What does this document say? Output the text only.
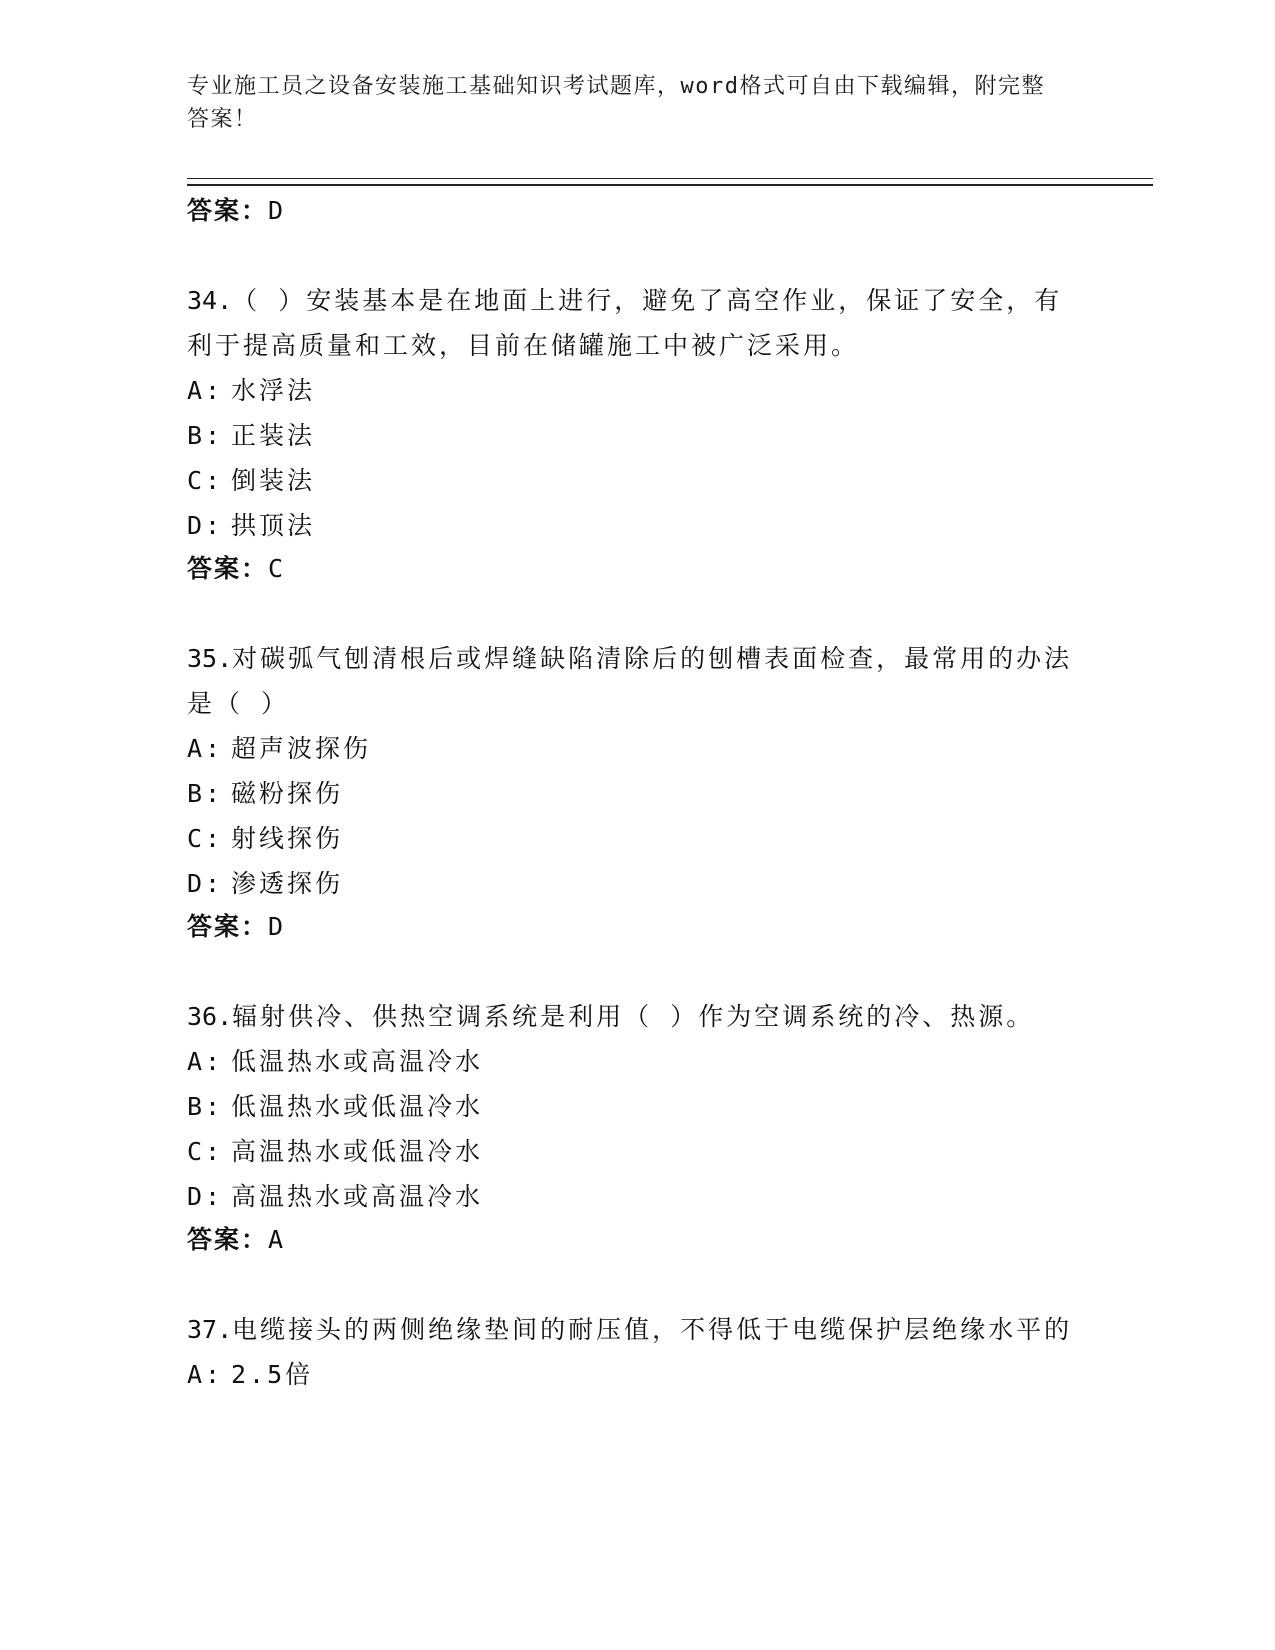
专业施工员之设备安装施工基础知识考试题库，word格式可自由下载编辑，附完整答案！
答案：D
34.（ ）安装基本是在地面上进行，避免了高空作业，保证了安全，有利于提高质量和工效，目前在储罐施工中被广泛采用。
A: 水浮法
B: 正装法
C: 倒装法
D: 拱顶法
答案：C
35.对碳弧气刨清根后或焊缝缺陷清除后的刨槽表面检查，最常用的办法是（ ）
A: 超声波探伤
B: 磁粉探伤
C: 射线探伤
D: 渗透探伤
答案：D
36.辐射供冷、供热空调系统是利用（ ）作为空调系统的冷、热源。
A: 低温热水或高温冷水
B: 低温热水或低温冷水
C: 高温热水或低温冷水
D: 高温热水或高温冷水
答案：A
37.电缆接头的两侧绝缘垫间的耐压值，不得低于电缆保护层绝缘水平的
A: 2.5倍
